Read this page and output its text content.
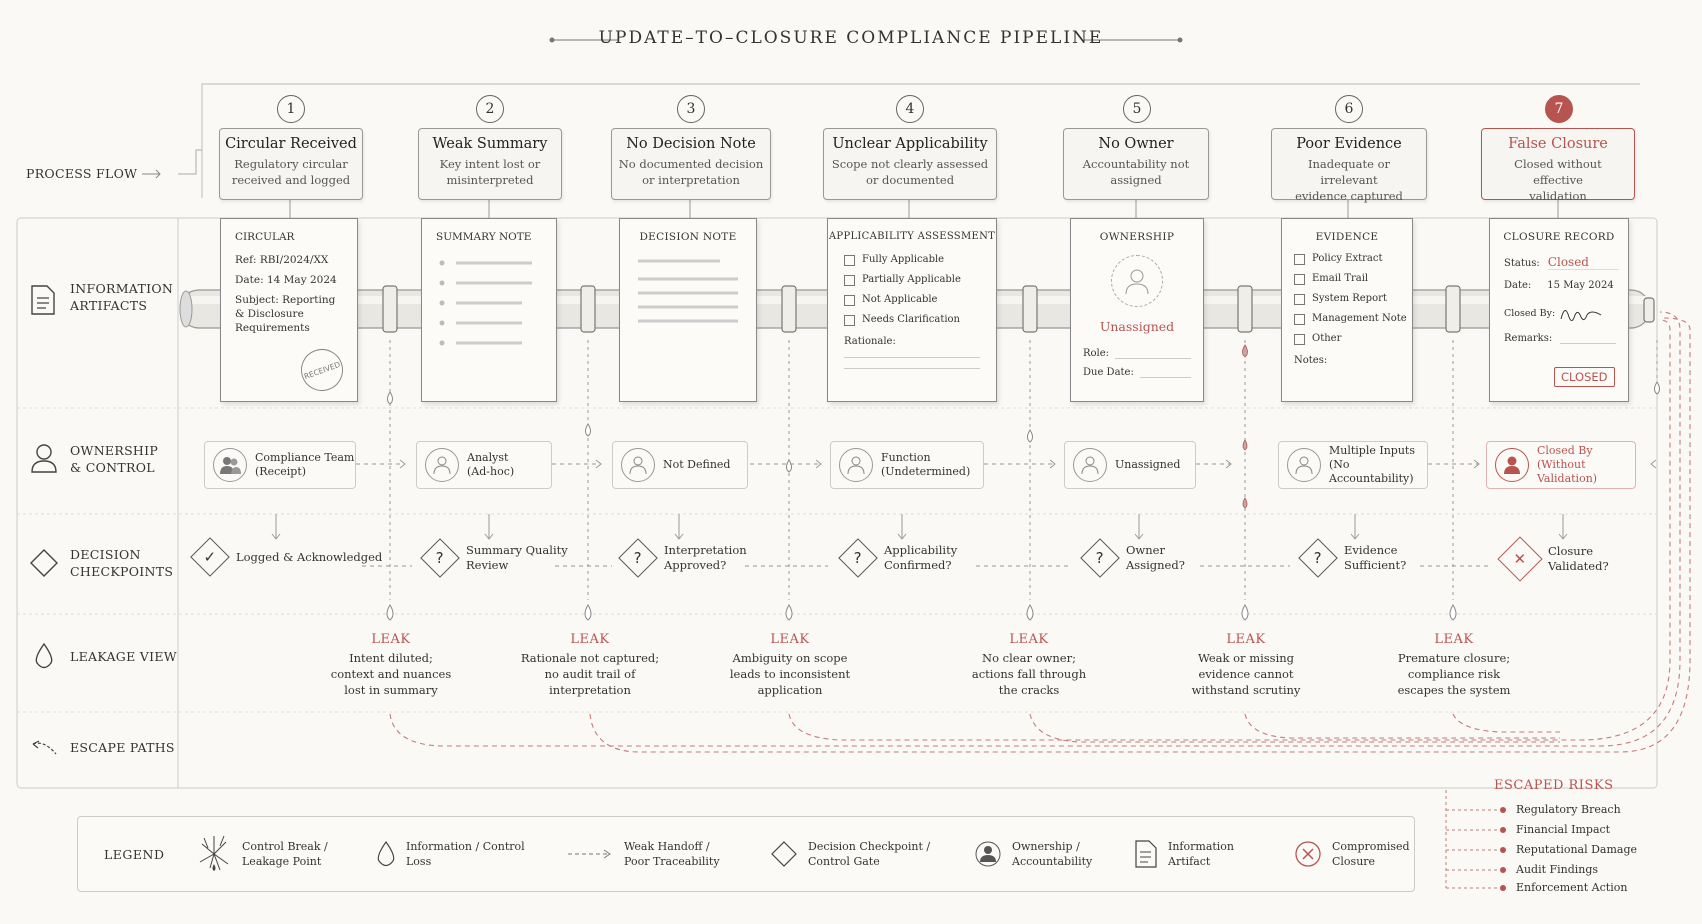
UPDATE–TO–CLOSURE COMPLIANCE PIPELINE
PROCESS FLOW
INFORMATION
ARTIFACTS
OWNERSHIP
& CONTROL
DECISION
CHECKPOINTS
LEAKAGE VIEW
ESCAPE PATHS
1	2	3	4	5	6	7
Circular Received
Regulatory circular
received and logged
Weak Summary
Key intent lost or
misinterpreted
No Decision Note
No documented decision
or interpretation
Unclear Applicability
Scope not clearly assessed
or documented
No Owner
Accountability not
assigned
Poor Evidence
Inadequate or irrelevant
evidence captured
False Closure
Closed without effective
validation
CIRCULAR
Ref: RBI/2024/XX
Date: 14 May 2024
Subject: Reporting
& Disclosure
Requirements
RECEIVED
SUMMARY NOTE	DECISION NOTE	APPLICABILITY ASSESSMENT
Fully Applicable
Partially Applicable
Not Applicable
Needs Clarification
Rationale:
OWNERSHIP
Unassigned
Role:
Due Date:
EVIDENCE
Policy Extract
Email Trail
System Report
Management Note
Other
Notes:
CLOSURE RECORD
Status: Closed
Date: 15 May 2024
Closed By:
Remarks:
CLOSED
Compliance Team
(Receipt)
Analyst
(Ad-hoc)
Not Defined
Function
(Undetermined)
Unassigned
Multiple Inputs
(No Accountability)
Closed By
(Without Validation)
✓ Logged & Acknowledged	? Summary Quality
Review	? Interpretation
Approved?	? Applicability
Confirmed?	? Owner
Assigned?	? Evidence
Sufficient?	✕ Closure
Validated?
LEAK
Intent diluted;
context and nuances
lost in summary
LEAK
Rationale not captured;
no audit trail of
interpretation
LEAK
Ambiguity on scope
leads to inconsistent
application
LEAK
No clear owner;
actions fall through
the cracks
LEAK
Weak or missing
evidence cannot
withstand scrutiny
LEAK
Premature closure;
compliance risk
escapes the system
ESCAPED RISKS
Regulatory Breach
Financial Impact
Reputational Damage
Audit Findings
Enforcement Action
LEGEND	Control Break /
Leakage Point
Information / Control
Loss
Weak Handoff /
Poor Traceability
Decision Checkpoint /
Control Gate
Ownership /
Accountability
Information
Artifact
Compromised
Closure
